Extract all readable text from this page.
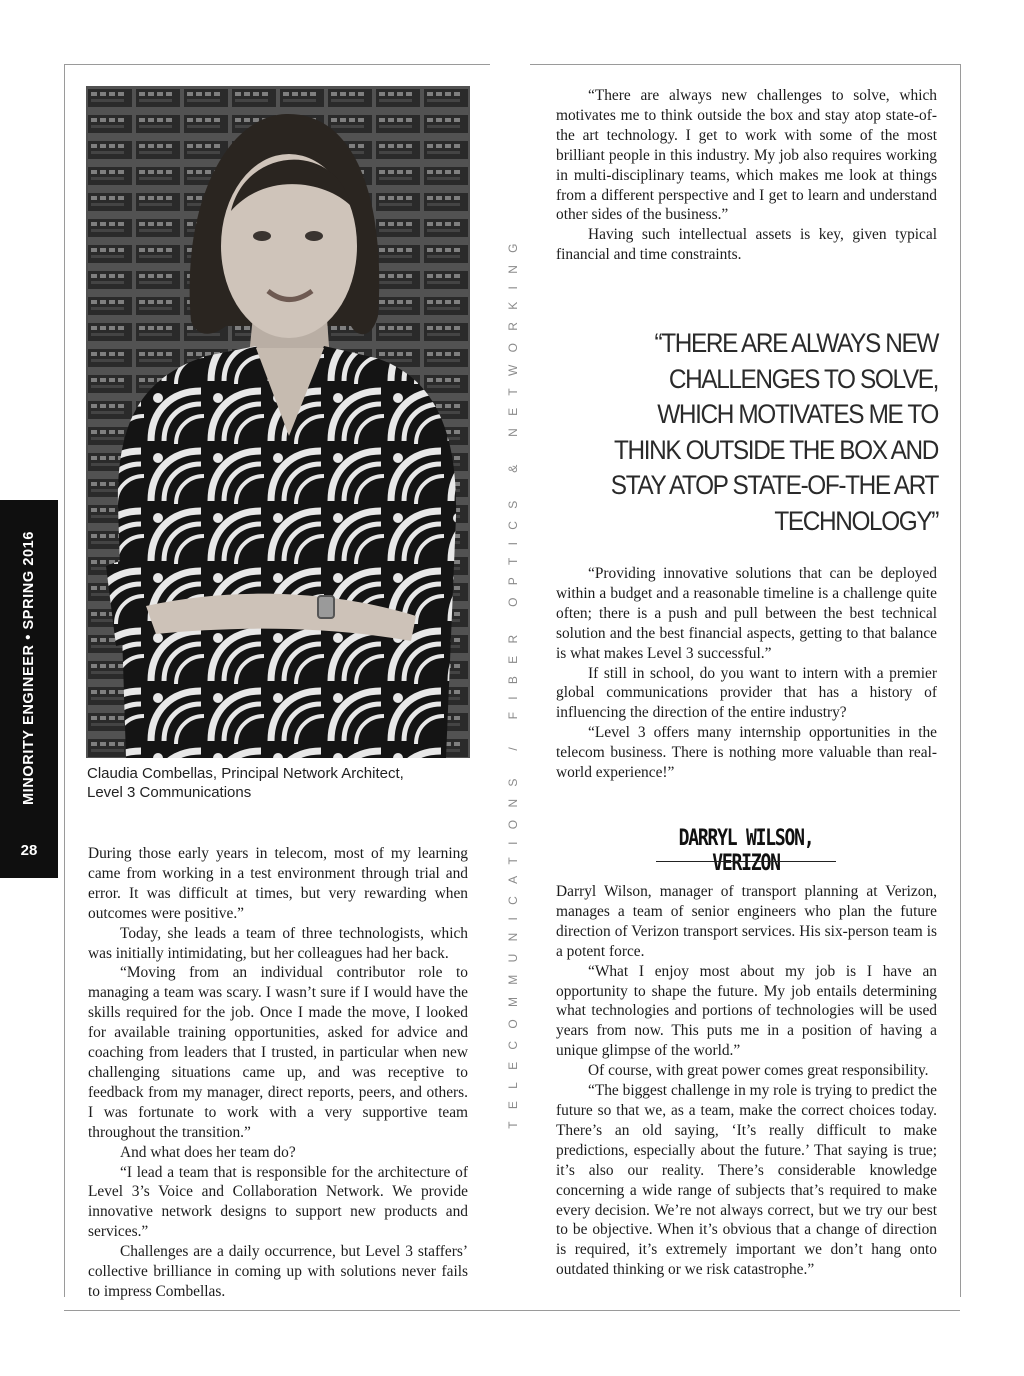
MINORITY ENGINEER • SPRING 2016
28	TELECOMMUNICATIONS / FIBER OPTICS & NETWORKING
Claudia Combellas, Principal Network Architect,
Level 3 Communications

During those early years in telecom, most of my learning came from working in a test environment through trial and error. It was difficult at times, but very rewarding when outcomes were positive.”

Today, she leads a team of three technologists, which was initially intimidating, but her colleagues had her back.

“Moving from an individual contributor role to managing a team was scary. I wasn’t sure if I would have the skills required for the job. Once I made the move, I looked for available training opportunities, asked for advice and coaching from leaders that I trusted, in particular when new challenging situations came up, and was receptive to feedback from my manager, direct reports, peers, and others. I was fortunate to work with a very supportive team throughout the transition.”

And what does her team do?

“I lead a team that is responsible for the architecture of Level 3’s Voice and Collaboration Network. We provide innovative network designs to support new products and services.”

Challenges are a daily occurrence, but Level 3 staffers’ collective brilliance in coming up with solutions never fails to impress Combellas.

“There are always new challenges to solve, which motivates me to think outside the box and stay atop state-of-the art technology. I get to work with some of the most brilliant people in this industry. My job also requires working in multi-disciplinary teams, which makes me look at things from a different perspective and I get to learn and understand other sides of the business.”

Having such intellectual assets is key, given typical financial and time constraints.

“THERE ARE ALWAYS NEW CHALLENGES TO SOLVE, WHICH MOTIVATES ME TO THINK OUTSIDE THE BOX AND STAY ATOP STATE-OF-THE ART TECHNOLOGY”

“Providing innovative solutions that can be deployed within a budget and a reasonable timeline is a challenge quite often; there is a push and pull between the best technical solution and the best financial aspects, getting to that balance is what makes Level 3 successful.”

If still in school, do you want to intern with a premier global communications provider that has a history of influencing the direction of the entire industry?

“Level 3 offers many internship opportunities in the telecom business. There is nothing more valuable than real-world experience!”

DARRYL WILSON, VERIZON

Darryl Wilson, manager of transport planning at Verizon, manages a team of senior engineers who plan the future direction of Verizon transport services. His six-person team is a potent force.

“What I enjoy most about my job is I have an opportunity to shape the future. My job entails determining what technologies and portions of technologies will be used years from now. This puts me in a position of having a unique glimpse of the world.”

Of course, with great power comes great responsibility.

“The biggest challenge in my role is trying to predict the future so that we, as a team, make the correct choices today. There’s an old saying, ‘It’s really difficult to make predictions, especially about the future.’ That saying is true; it’s also our reality. There’s considerable knowledge concerning a wide range of subjects that’s required to make every decision. We’re not always correct, but we try our best to be objective. When it’s obvious that a change of direction is required, it’s extremely important we don’t hang onto outdated thinking or we risk catastrophe.”
